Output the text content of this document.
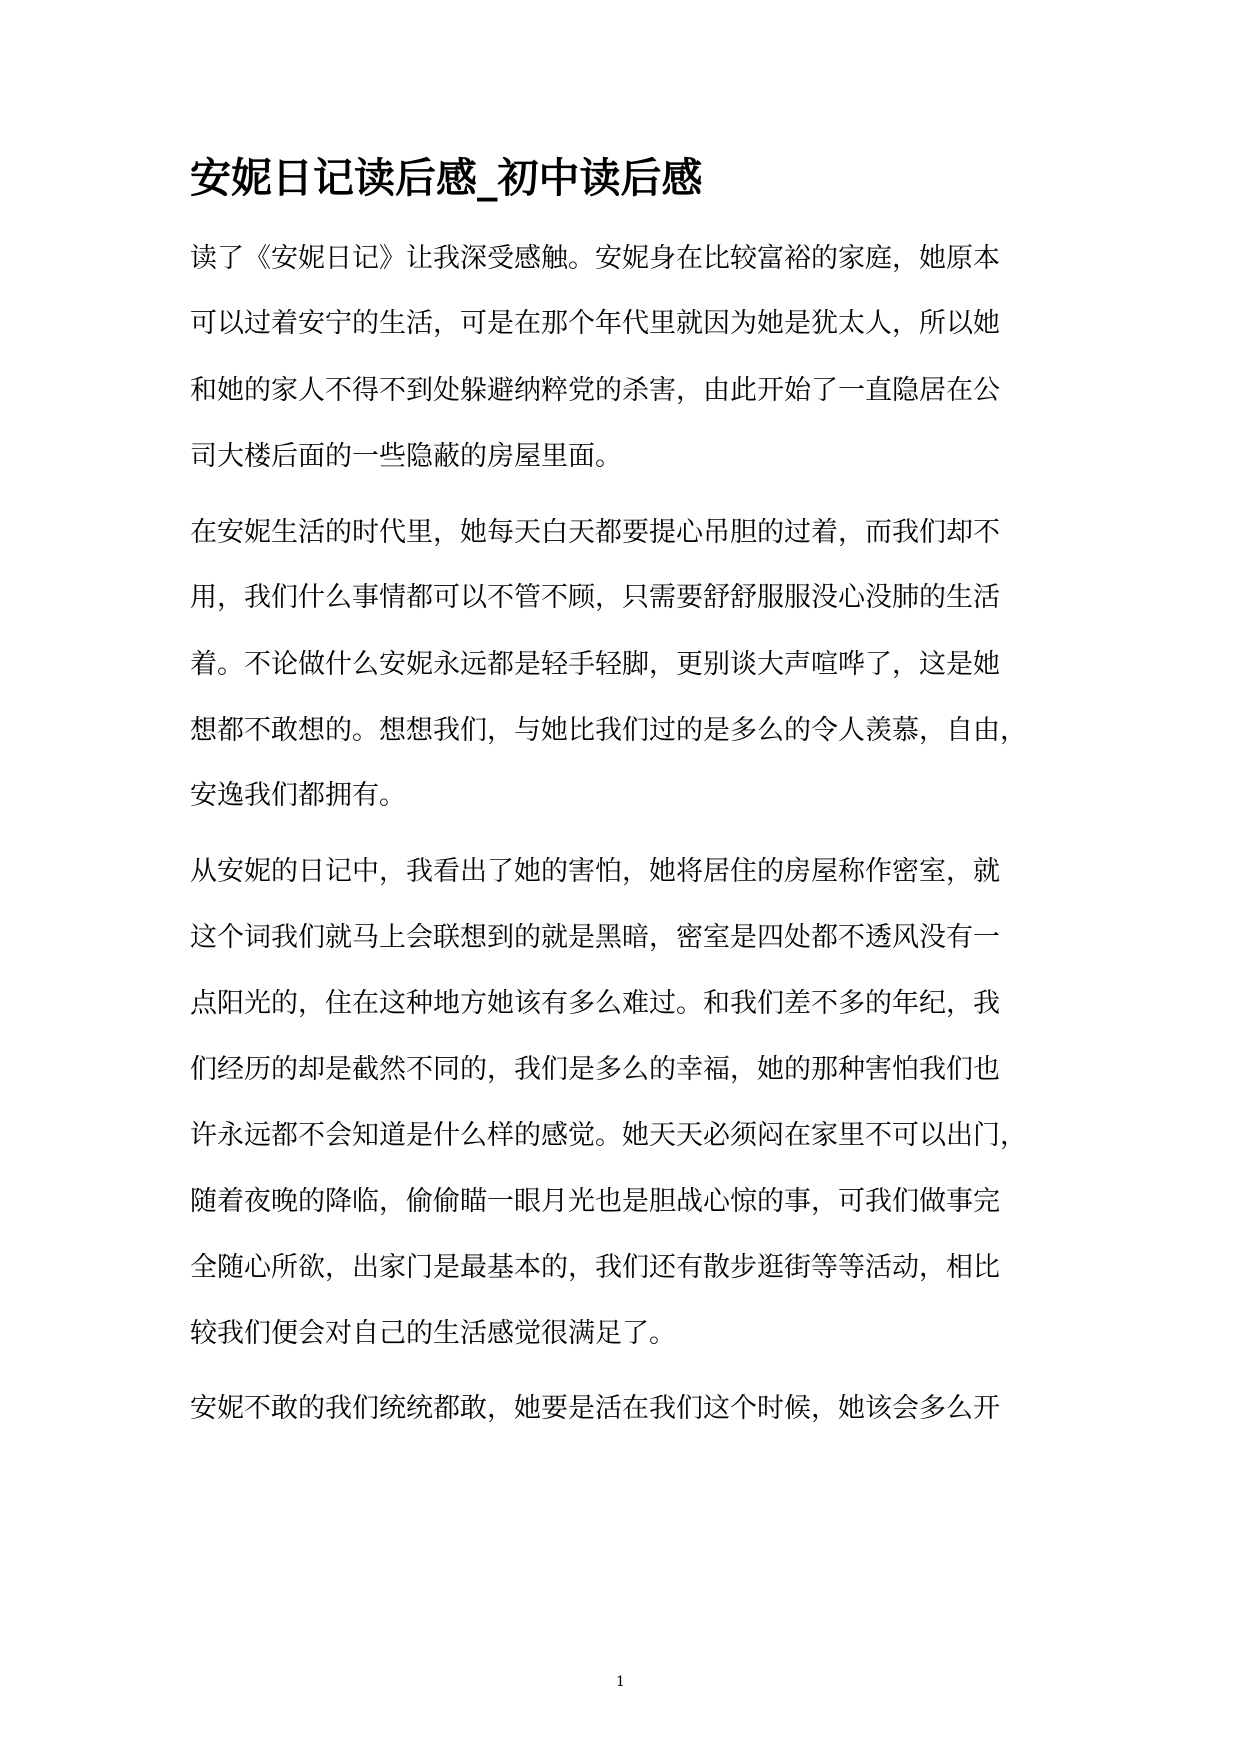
安妮日记读后感_初中读后感

读了《安妮日记》让我深受感触。安妮身在比较富裕的家庭，她原本

可以过着安宁的生活，可是在那个年代里就因为她是犹太人，所以她

和她的家人不得不到处躲避纳粹党的杀害，由此开始了一直隐居在公

司大楼后面的一些隐蔽的房屋里面。

在安妮生活的时代里，她每天白天都要提心吊胆的过着，而我们却不

用，我们什么事情都可以不管不顾，只需要舒舒服服没心没肺的生活

着。不论做什么安妮永远都是轻手轻脚，更别谈大声喧哗了，这是她

想都不敢想的。想想我们，与她比我们过的是多么的令人羡慕，自由，

安逸我们都拥有。

从安妮的日记中，我看出了她的害怕，她将居住的房屋称作密室，就

这个词我们就马上会联想到的就是黑暗，密室是四处都不透风没有一

点阳光的，住在这种地方她该有多么难过。和我们差不多的年纪，我

们经历的却是截然不同的，我们是多么的幸福，她的那种害怕我们也

许永远都不会知道是什么样的感觉。她天天必须闷在家里不可以出门，

随着夜晚的降临，偷偷瞄一眼月光也是胆战心惊的事，可我们做事完

全随心所欲，出家门是最基本的，我们还有散步逛街等等活动，相比

较我们便会对自己的生活感觉很满足了。

安妮不敢的我们统统都敢，她要是活在我们这个时候，她该会多么开

1
